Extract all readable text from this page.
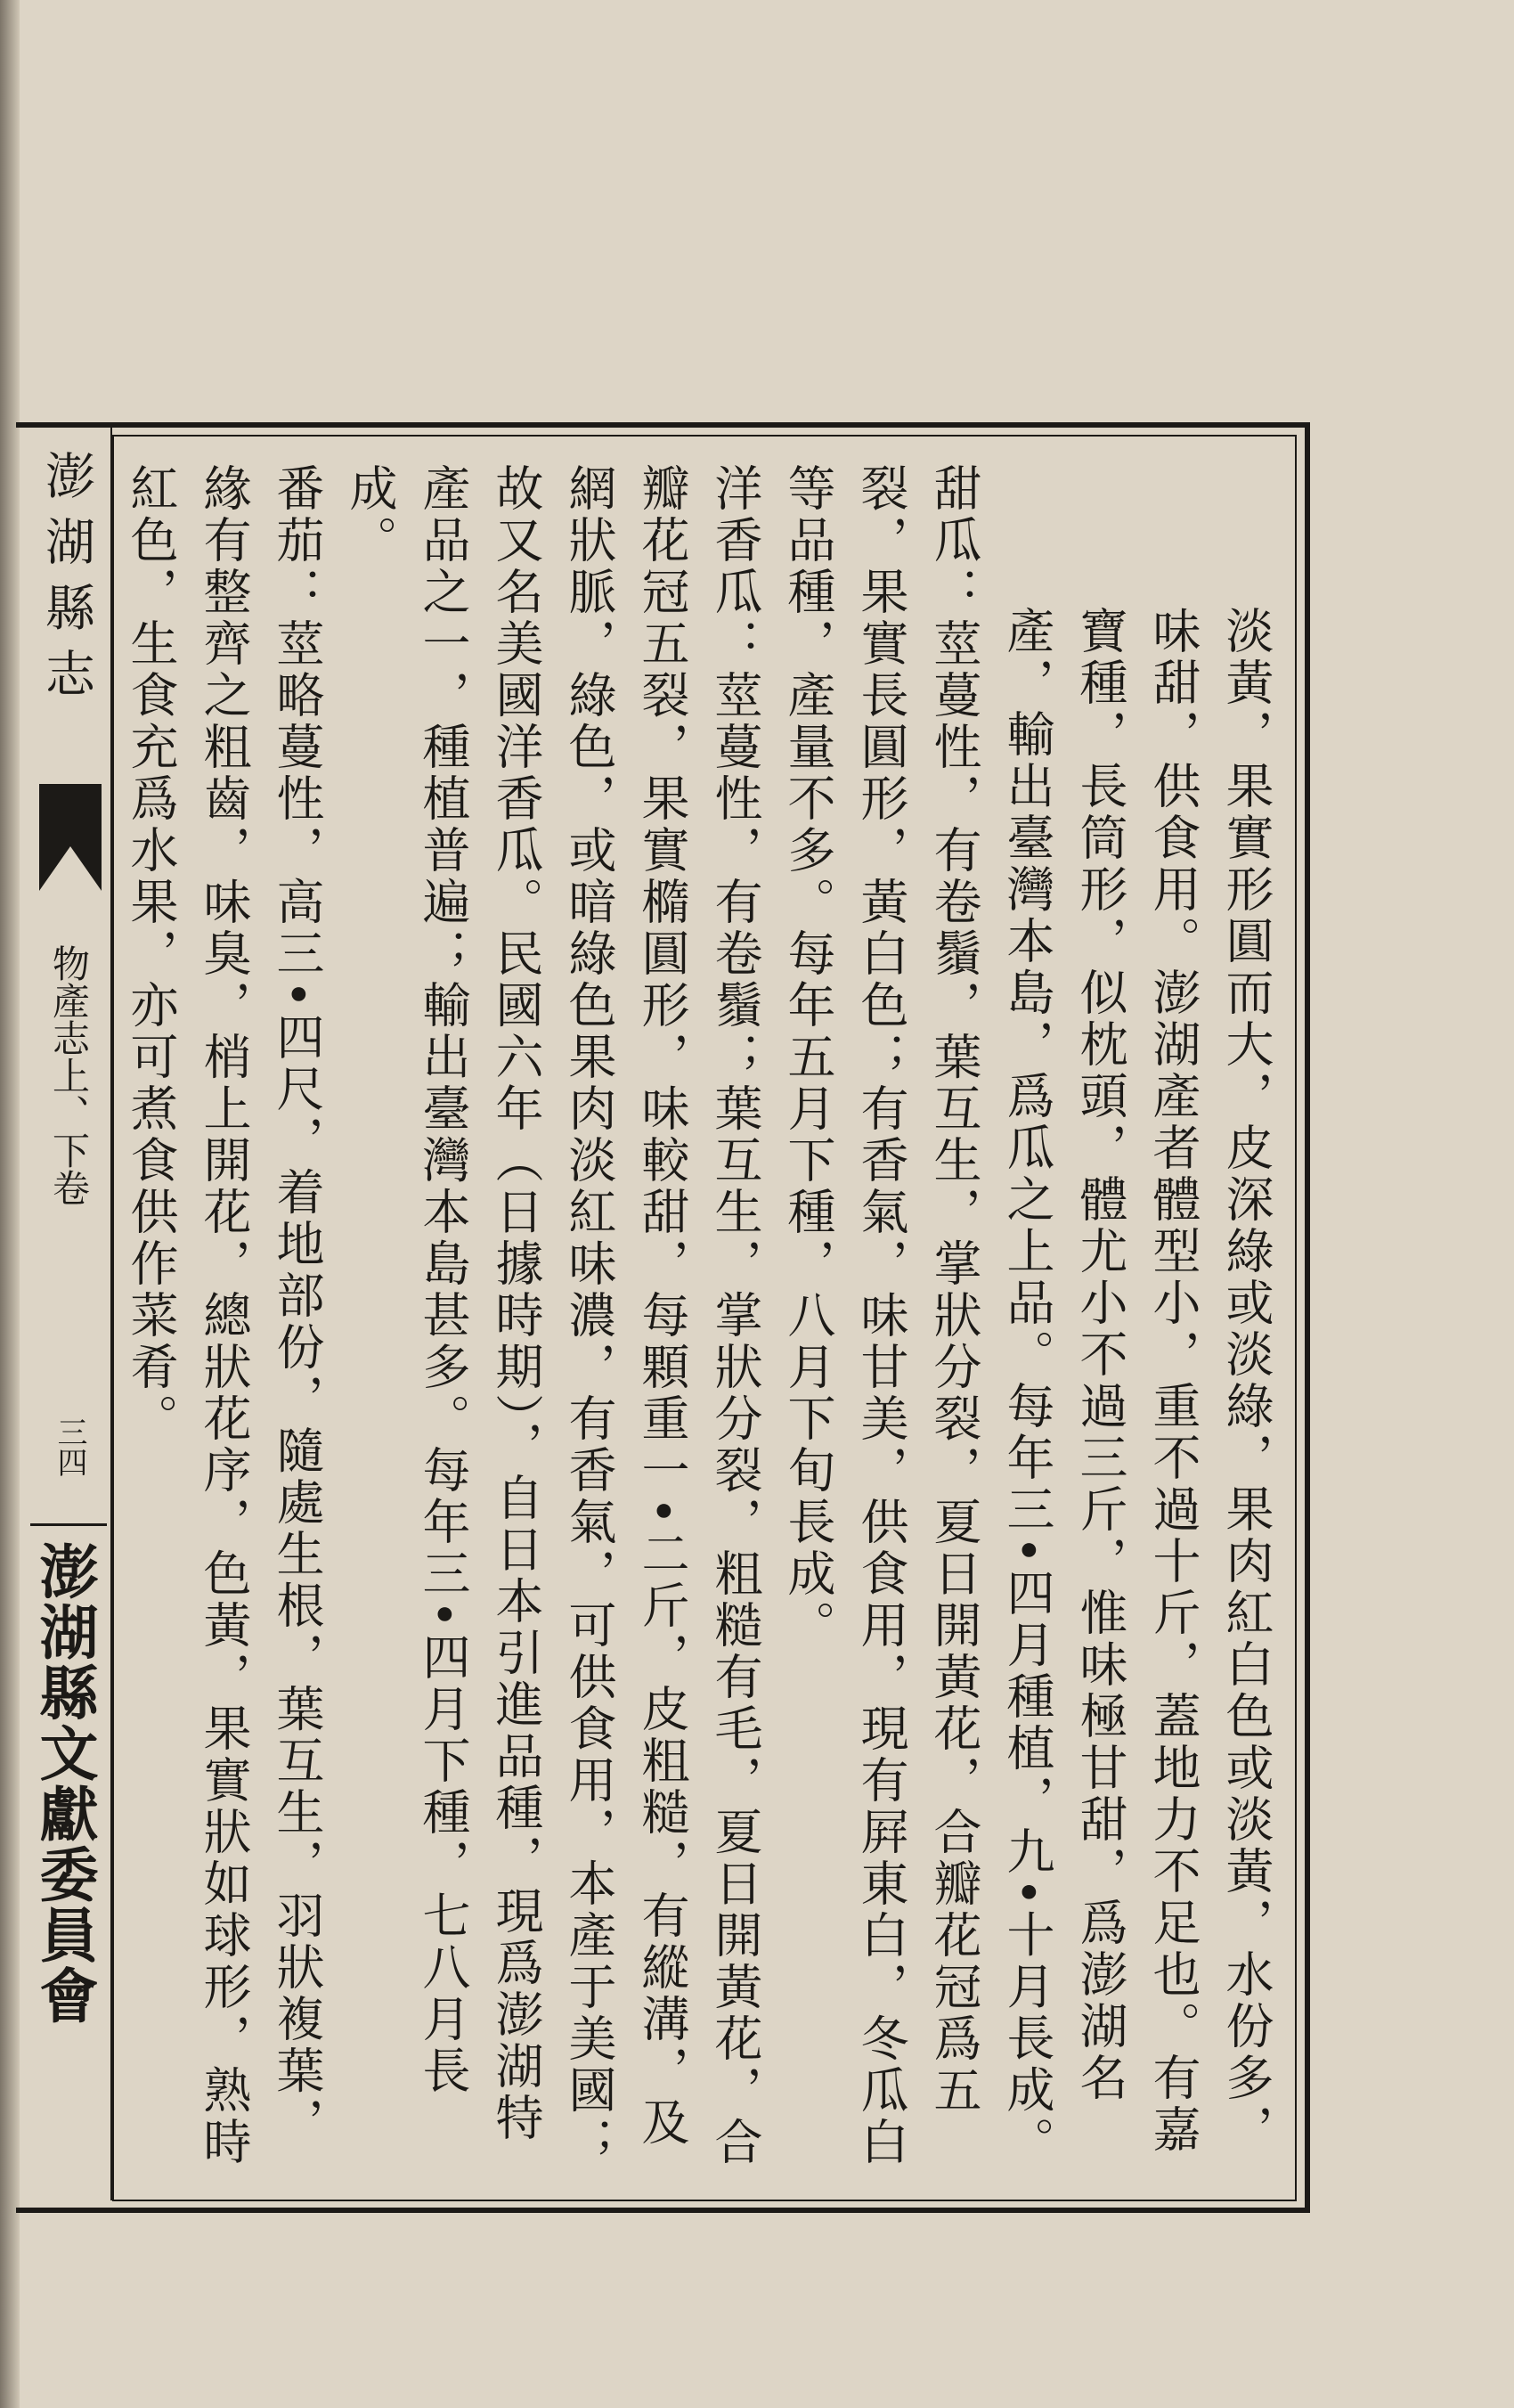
澎湖縣志
物產志上、下卷
三四
澎湖縣文獻委員會	淡黃，果實形圓而大，皮深綠或淡綠，果肉紅白色或淡黃，水份多，味甜，供食用。澎湖產者體型小，重不過十斤，蓋地力不足也。有嘉寶種，長筒形，似枕頭，體尤小不過三斤，惟味極甘甜，爲澎湖名產，輸出臺灣本島，爲瓜之上品。每年三•四月種植，九•十月長成。

甜瓜：莖蔓性，有卷鬚，葉互生，掌狀分裂，夏日開黃花，合瓣花冠爲五裂，果實長圓形，黃白色；有香氣，味甘美，供食用，現有屛東白，冬瓜白等品種，產量不多。每年五月下種，八月下旬長成。

洋香瓜：莖蔓性，有卷鬚；葉互生，掌狀分裂，粗糙有毛，夏日開黃花，合瓣花冠五裂，果實橢圓形，味較甜，每顆重一•二斤，皮粗糙，有縱溝，及網狀脈，綠色，或暗綠色果肉淡紅味濃，有香氣，可供食用，本產于美國；故又名美國洋香瓜。民國六年（日據時期），自日本引進品種，現爲澎湖特產品之一，種植普遍；輸出臺灣本島甚多。每年三•四月下種，七八月長成。

番茄：莖略蔓性，高三•四尺，着地部份，隨處生根，葉互生，羽狀複葉，緣有整齊之粗齒，味臭，梢上開花，總狀花序，色黃，果實狀如球形，熟時紅色，生食充爲水果，亦可煮食供作菜肴。
